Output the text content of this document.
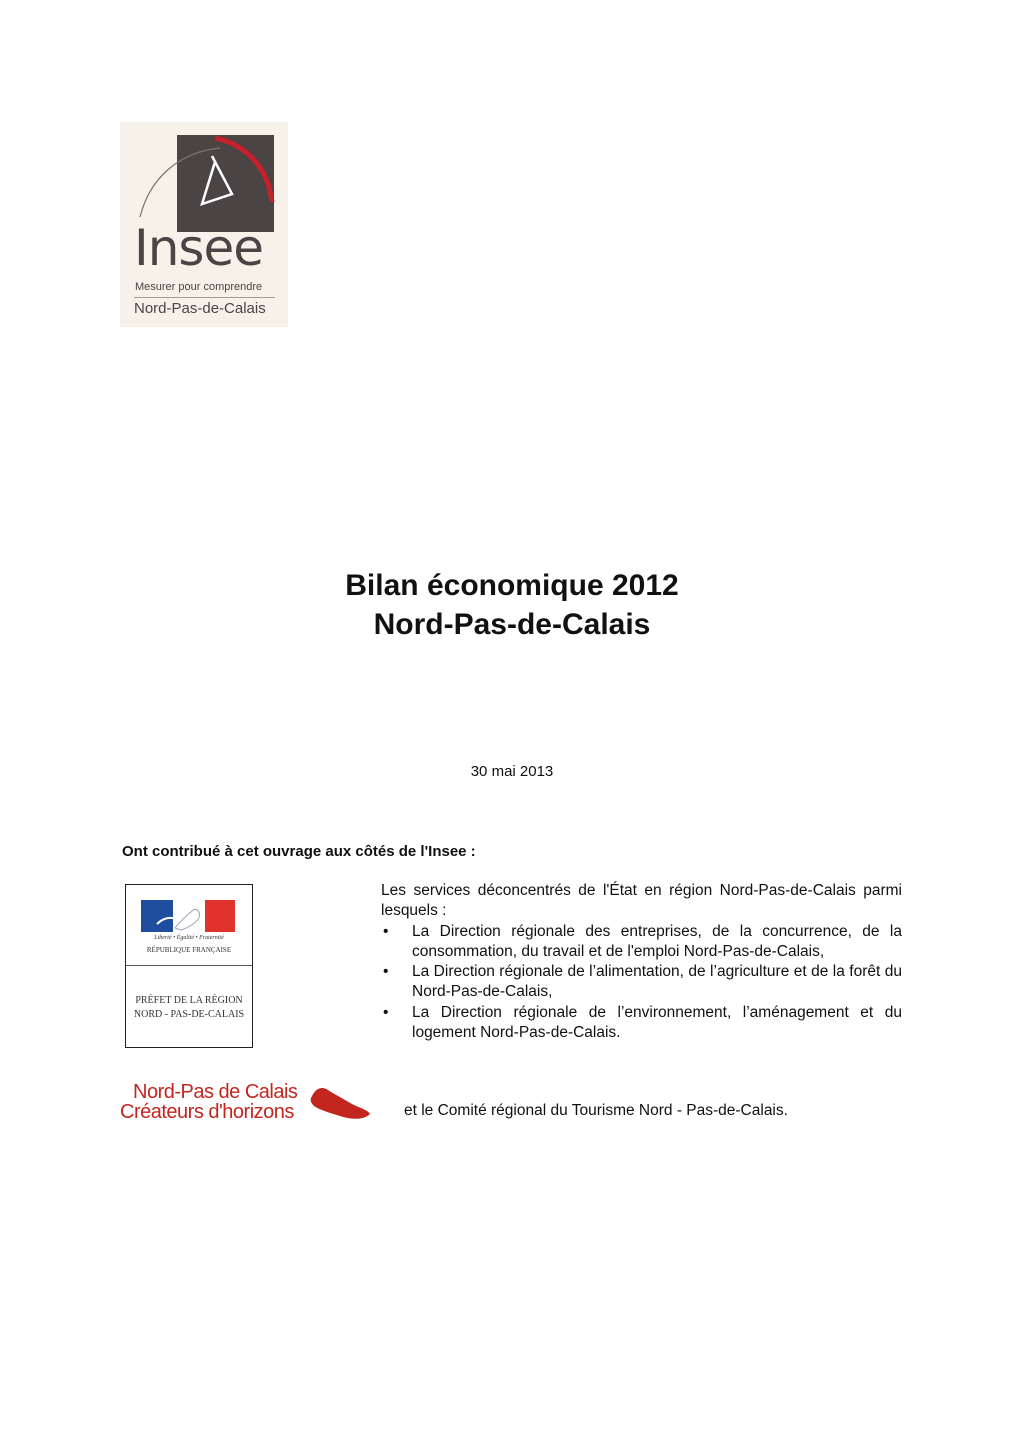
Insee
Mesurer pour comprendre
Nord-Pas-de-Calais
Bilan économique 2012
Nord-Pas-de-Calais
30 mai 2013
Ont contribué à cet ouvrage aux côtés de l'Insee :
Liberté • Égalité • Fraternité
RÉPUBLIQUE FRANÇAISE
PRÉFET DE LA RÉGION
NORD - PAS-DE-CALAIS

Les services déconcentrés de l'État en région Nord-Pas-de-Calais parmi lesquels :

• La Direction régionale des entreprises, de la concurrence, de la consommation, du travail et de l'emploi Nord-Pas-de-Calais,
• La Direction régionale de l’alimentation, de l’agriculture et de la forêt du Nord-Pas-de-Calais,
• La Direction régionale de l’environnement, l’aménagement et du logement Nord-Pas-de-Calais.
Nord-Pas de Calais
Créateurs d'horizons	et le Comité régional du Tourisme Nord - Pas-de-Calais.
